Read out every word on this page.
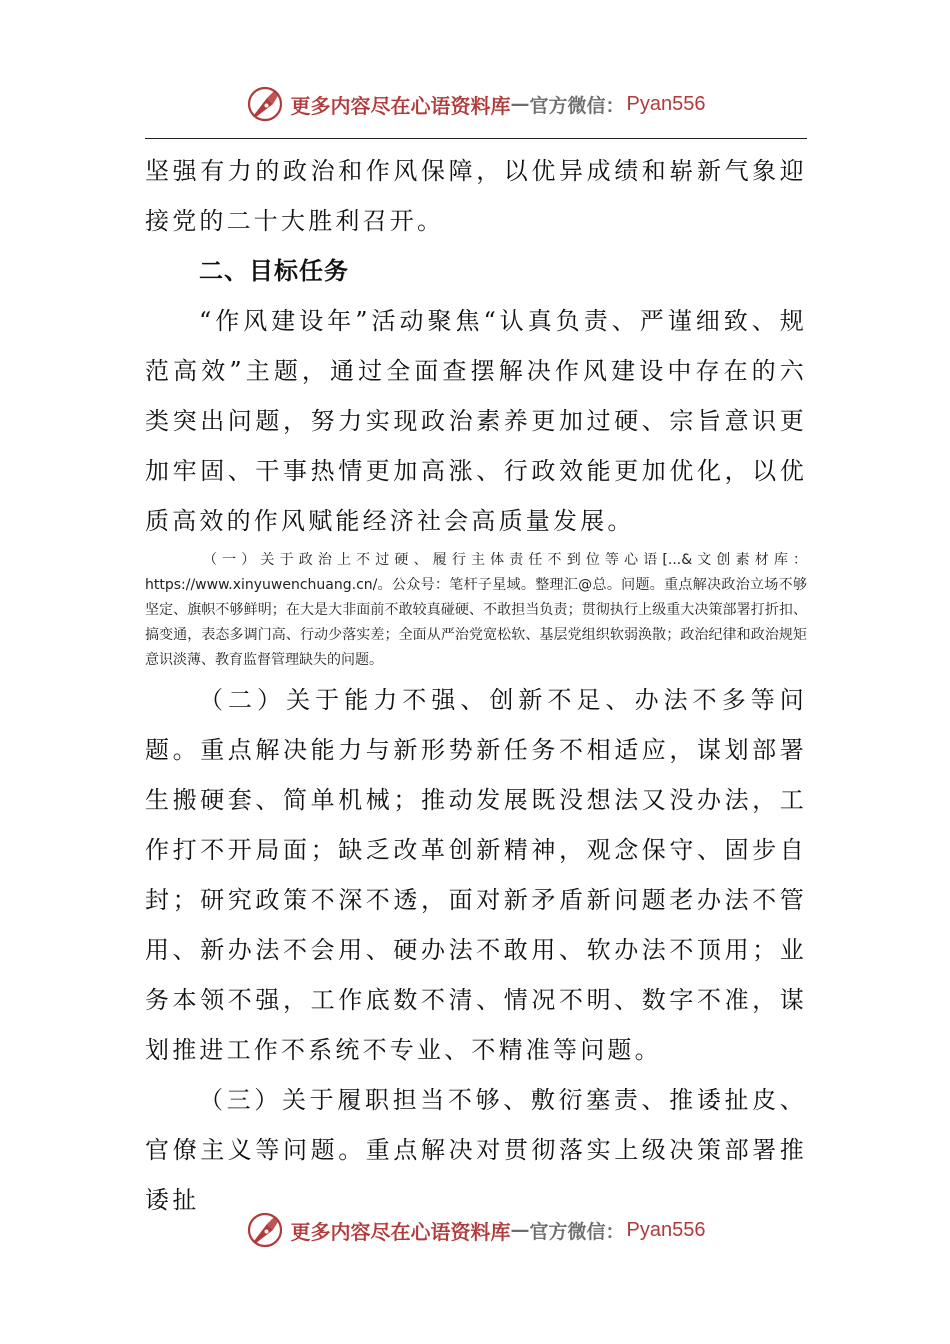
更多内容尽在心语资料库 — 官方微信： Pyan556

坚强有力的政治和作风保障，以优异成绩和崭新气象迎接党的二十大胜利召开。

二、目标任务

“作风建设年”活动聚焦“认真负责、严谨细致、规范高效”主题，通过全面查摆解决作风建设中存在的六类突出问题，努力实现政治素养更加过硬、宗旨意识更加牢固、干事热情更加高涨、行政效能更加优化，以优质高效的作风赋能经济社会高质量发展。

（一）关于政治上不过硬、履行主体责任不到位等心语[...&文创素材库：https://www.xinyuwenchuang.cn/。公众号：笔杆子星域。整理汇@总。问题。重点解决政治立场不够坚定、旗帜不够鲜明；在大是大非面前不敢较真碰硬、不敢担当负责；贯彻执行上级重大决策部署打折扣、搞变通，表态多调门高、行动少落实差；全面从严治党宽松软、基层党组织软弱涣散；政治纪律和政治规矩意识淡薄、教育监督管理缺失的问题。

（二）关于能力不强、创新不足、办法不多等问题。重点解决能力与新形势新任务不相适应，谋划部署生搬硬套、简单机械；推动发展既没想法又没办法，工作打不开局面；缺乏改革创新精神，观念保守、固步自封；研究政策不深不透，面对新矛盾新问题老办法不管用、新办法不会用、硬办法不敢用、软办法不顶用；业务本领不强，工作底数不清、情况不明、数字不准，谋划推进工作不系统不专业、不精准等问题。

（三）关于履职担当不够、敷衍塞责、推诿扯皮、官僚主义等问题。重点解决对贯彻落实上级决策部署推诿扯

更多内容尽在心语资料库 — 官方微信： Pyan556
